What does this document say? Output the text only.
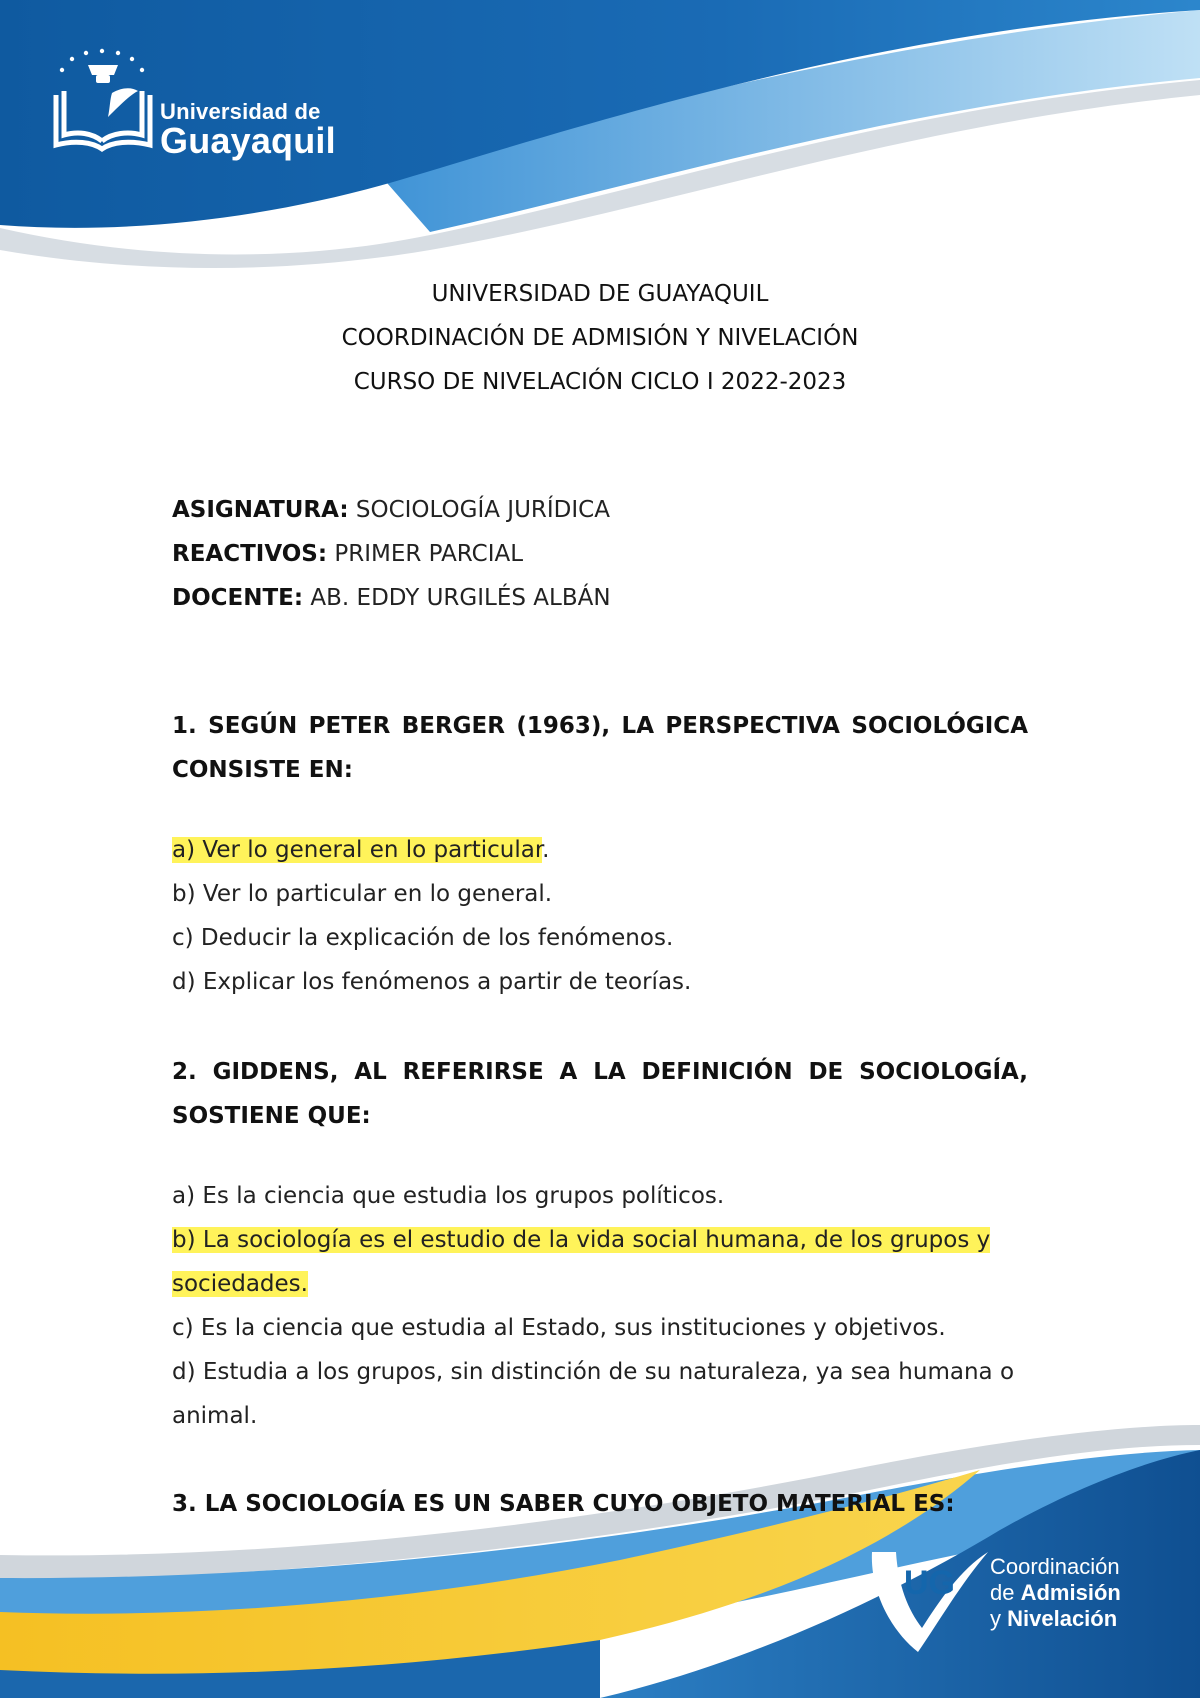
Universidad de
Guayaquil
UNIVERSIDAD DE GUAYAQUIL
COORDINACIÓN DE ADMISIÓN Y NIVELACIÓN
CURSO DE NIVELACIÓN CICLO I 2022-2023
ASIGNATURA: SOCIOLOGÍA JURÍDICA
REACTIVOS: PRIMER PARCIAL
DOCENTE: AB. EDDY URGILÉS ALBÁN
1. SEGÚN PETER BERGER (1963), LA PERSPECTIVA SOCIOLÓGICA CONSISTE EN:
a) Ver lo general en lo particular.
b) Ver lo particular en lo general.
c) Deducir la explicación de los fenómenos.
d) Explicar los fenómenos a partir de teorías.
2. GIDDENS, AL REFERIRSE A LA DEFINICIÓN DE SOCIOLOGÍA, SOSTIENE QUE:
a) Es la ciencia que estudia los grupos políticos.
b) La sociología es el estudio de la vida social humana, de los grupos y sociedades.
c) Es la ciencia que estudia al Estado, sus instituciones y objetivos.
d) Estudia a los grupos, sin distinción de su naturaleza, ya sea humana o animal.
3. LA SOCIOLOGÍA ES UN SABER CUYO OBJETO MATERIAL ES:
UG Coordinación
de Admisión
y Nivelación
